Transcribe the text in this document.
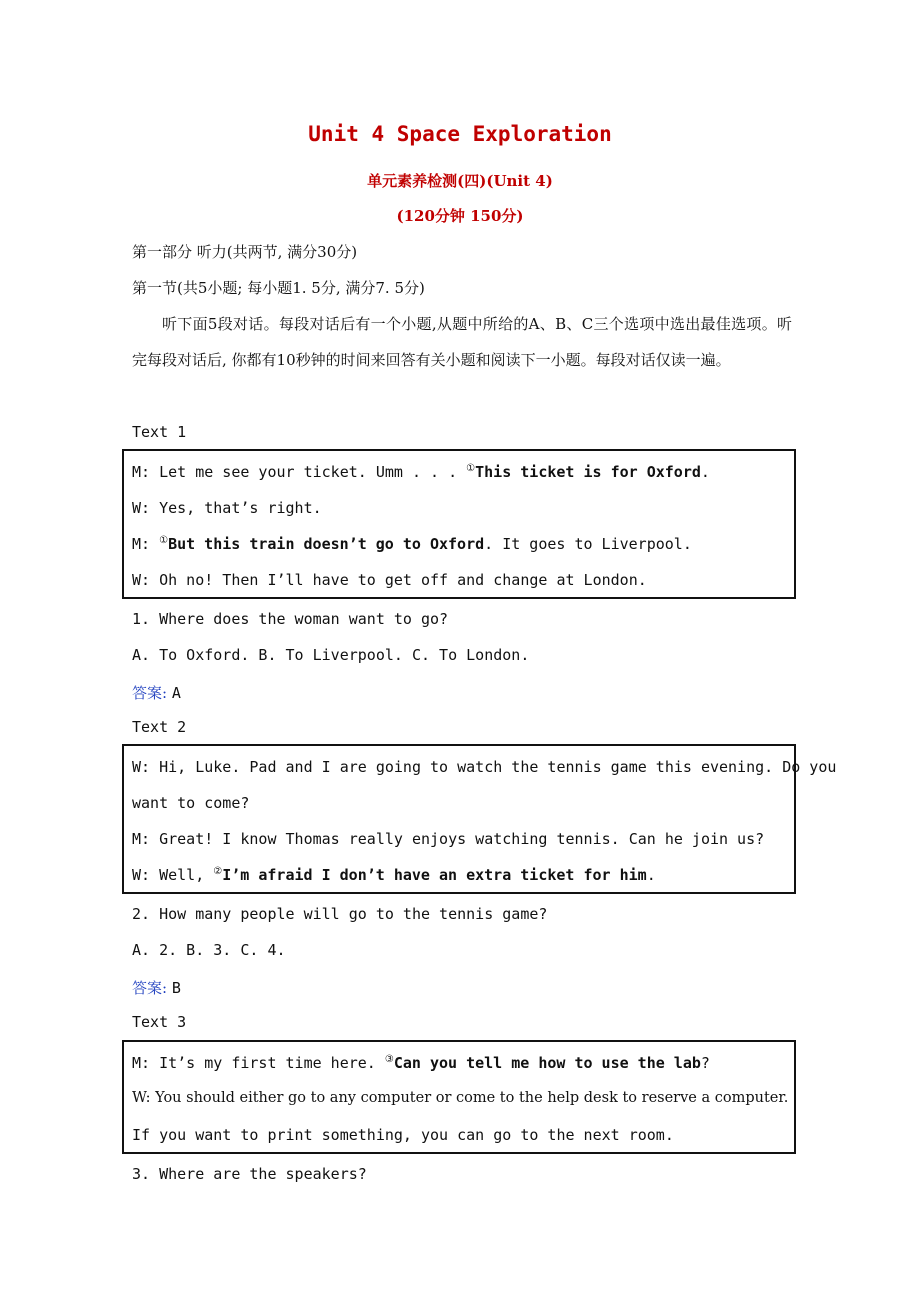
Unit 4 Space Exploration
单元素养检测(四)(Unit 4)
(120分钟 150分)
第一部分 听力(共两节, 满分30分)
第一节(共5小题; 每小题1. 5分, 满分7. 5分)
听下面5段对话。每段对话后有一个小题,从题中所给的A、B、C三个选项中选出最佳选项。听完每段对话后, 你都有10秒钟的时间来回答有关小题和阅读下一小题。每段对话仅读一遍。
Text 1
M: Let me see your ticket. Umm . . . ①This ticket is for Oxford.
W: Yes, that’s right.
M: ①But this train doesn’t go to Oxford. It goes to Liverpool.
W: Oh no! Then I’ll have to get off and change at London.
1. Where does the woman want to go?
A. To Oxford. B. To Liverpool. C. To London.
答案: A
Text 2
W: Hi, Luke. Pad and I are going to watch the tennis game this evening. Do you
want to come?
M: Great! I know Thomas really enjoys watching tennis. Can he join us?
W: Well, ②I’m afraid I don’t have an extra ticket for him.
2. How many people will go to the tennis game?
A. 2. B. 3. C. 4.
答案: B
Text 3
M: It’s my first time here. ③Can you tell me how to use the lab?
W: You should either go to any computer or come to the help desk to reserve a computer.
If you want to print something, you can go to the next room.
3. Where are the speakers?
